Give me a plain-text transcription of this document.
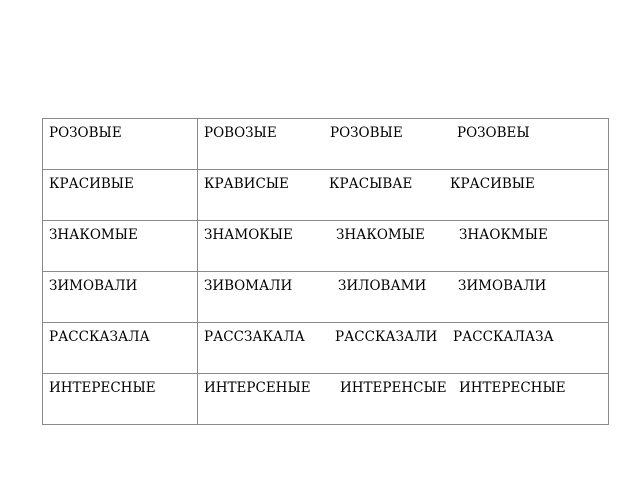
РОЗОВЫЕ	РОВОЗЫЕ РОЗОВЫЕ РОЗОВЕЫ

КРАСИВЫЕ	КРАВИСЫЕ КРАСЫВАЕ КРАСИВЫЕ

ЗНАКОМЫЕ	ЗНАМОКЫЕ ЗНАКОМЫЕ ЗНАОКМЫЕ

ЗИМОВАЛИ	ЗИВОМАЛИ ЗИЛОВАМИ ЗИМОВАЛИ

РАССКАЗАЛА	РАССЗАКАЛА РАССКАЗАЛИ РАССКАЛАЗА

ИНТЕРЕСНЫЕ	ИНТЕРСЕНЫЕ ИНТЕРЕНСЫЕ ИНТЕРЕСНЫЕ
